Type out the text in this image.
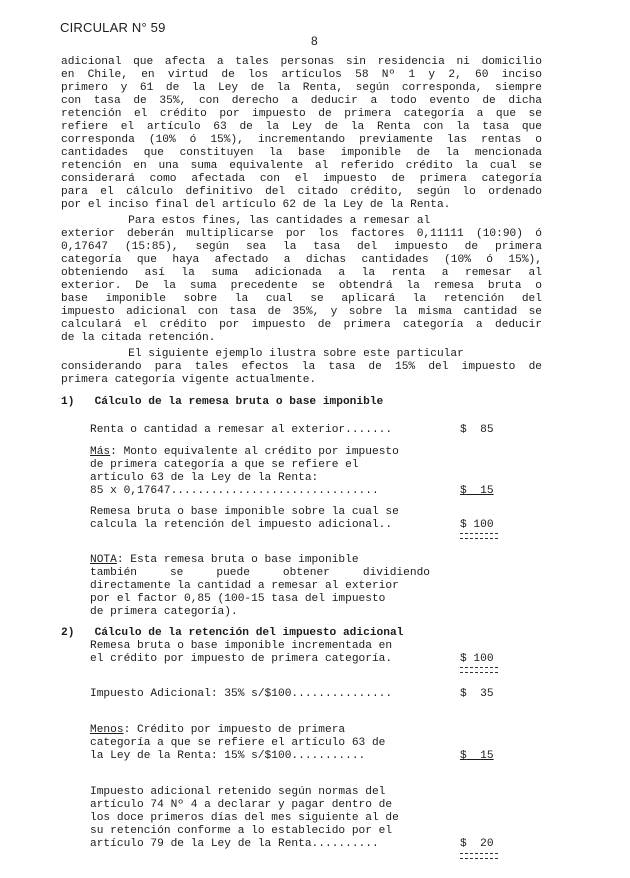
CIRCULAR N° 59
8
adicional que afecta a tales personas sin residencia ni domicilio
en Chile, en virtud de los artículos 58 Nº 1 y 2, 60 inciso
primero y 61 de la Ley de la Renta, según corresponda, siempre
con tasa de 35%, con derecho a deducir a todo evento de dicha
retención el crédito por impuesto de primera categoría a que se
refiere el artículo 63 de la Ley de la Renta con la tasa que
corresponda (10% ó 15%), incrementando previamente las rentas o
cantidades que constituyen la base imponible de la mencionada
retención en una suma equivalente al referido crédito la cual se
considerará como afectada con el impuesto de primera categoría
para el cálculo definitivo del citado crédito, según lo ordenado
por el inciso final del artículo 62 de la Ley de la Renta.
Para estos fines, las cantidades a remesar al
exterior deberán multiplicarse por los factores 0,11111 (10:90) ó
0,17647 (15:85), según sea la tasa del impuesto de primera
categoría que haya afectado a dichas cantidades (10% ó 15%),
obteniendo así la suma adicionada a la renta a remesar al
exterior. De la suma precedente se obtendrá la remesa bruta o
base imponible sobre la cual se aplicará la retención del
impuesto adicional con tasa de 35%, y sobre la misma cantidad se
calculará el crédito por impuesto de primera categoría a deducir
de la citada retención.
El siguiente ejemplo ilustra sobre este particular
considerando para tales efectos la tasa de 15% del impuesto de
primera categoría vigente actualmente.
1)   Cálculo de la remesa bruta o base imponible
Renta o cantidad a remesar al exterior.......	$  85
Más: Monto equivalente al crédito por impuesto
de primera categoría a que se refiere el
artículo 63 de la Ley de la Renta:
85 x 0,17647...............................	$  15
Remesa bruta o base imponible sobre la cual se
calcula la retención del impuesto adicional..	$ 100
NOTA: Esta remesa bruta o base imponible
también se puede obtener dividiendo
directamente la cantidad a remesar al exterior
por el factor 0,85 (100-15 tasa del impuesto
de primera categoría).
2)   Cálculo de la retención del impuesto adicional
Remesa bruta o base imponible incrementada en
el crédito por impuesto de primera categoría.	$ 100
Impuesto Adicional: 35% s/$100...............	$  35
Menos: Crédito por impuesto de primera
categoría a que se refiere el artículo 63 de
la Ley de la Renta: 15% s/$100...........	$  15
Impuesto adicional retenido según normas del
artículo 74 Nº 4 a declarar y pagar dentro de
los doce primeros días del mes siguiente al de
su retención conforme a lo establecido por el
artículo 79 de la Ley de la Renta..........	$  20
